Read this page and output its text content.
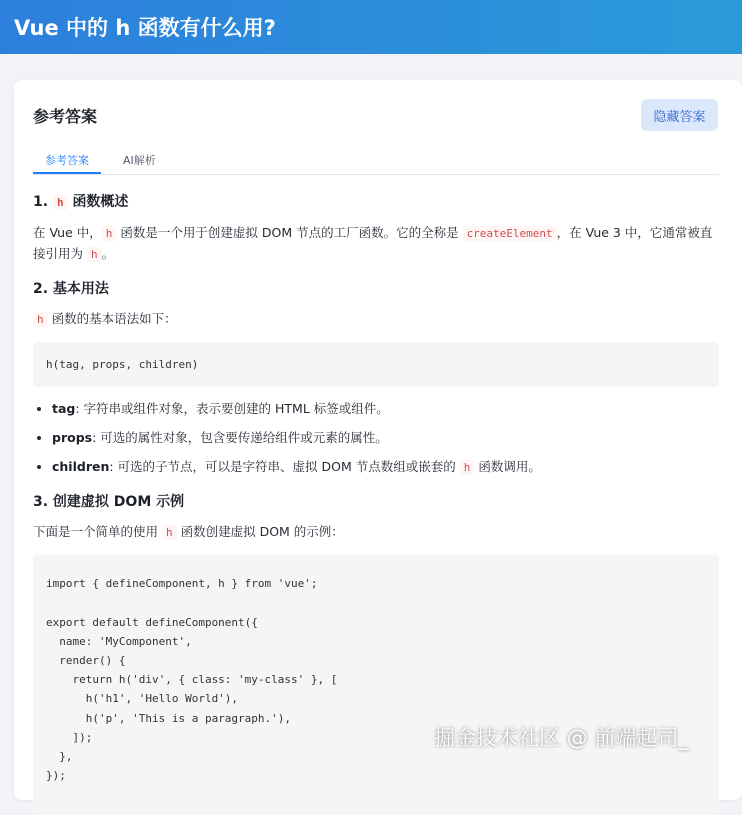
Vue 中的 h 函数有什么用?
参考答案	隐藏答案
参考答案	AI解析
1. h 函数概述

在 Vue 中， h 函数是一个用于创建虚拟 DOM 节点的工厂函数。它的全称是 createElement ，在 Vue 3 中，它通常被直接引用为 h 。

2. 基本用法

h 函数的基本语法如下：

h(tag, props, children)
• tag: 字符串或组件对象，表示要创建的 HTML 标签或组件。
• props: 可选的属性对象，包含要传递给组件或元素的属性。
• children: 可选的子节点，可以是字符串、虚拟 DOM 节点数组或嵌套的 h 函数调用。
3. 创建虚拟 DOM 示例

下面是一个简单的使用 h 函数创建虚拟 DOM 的示例：

import { defineComponent, h } from 'vue';

export default defineComponent({
name: 'MyComponent',
render() {
return h('div', { class: 'my-class' }, [
h('h1', 'Hello World'),
h('p', 'This is a paragraph.'),
]);
},
});
掘金技术社区 @ 前端起司_
